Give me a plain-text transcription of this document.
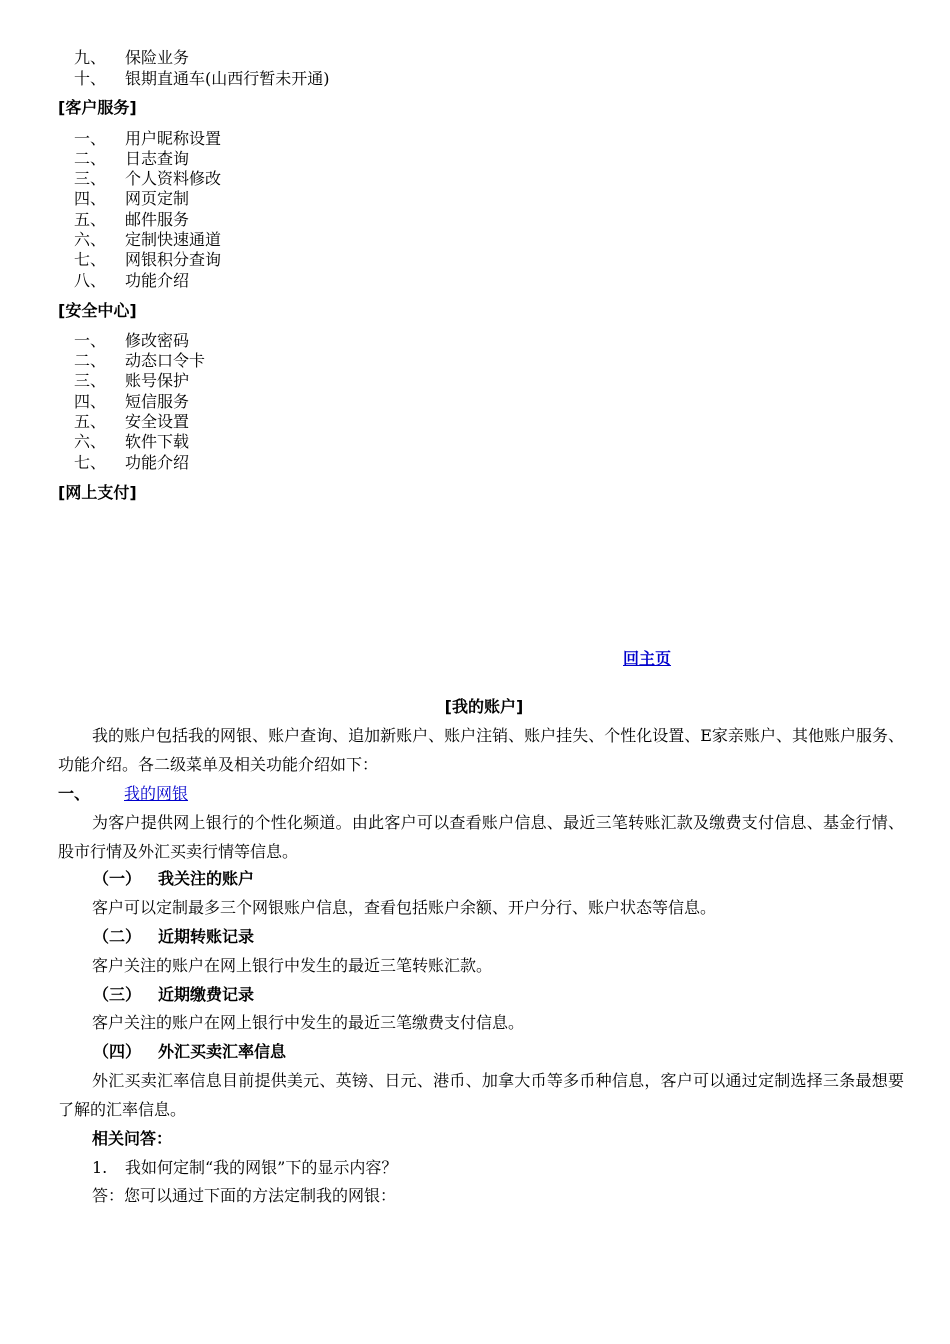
九、 保险业务
十、 银期直通车(山西行暂未开通)
[客户服务]
一、 用户昵称设置
二、 日志查询
三、 个人资料修改
四、 网页定制
五、 邮件服务
六、 定制快速通道
七、 网银积分查询
八、 功能介绍
[安全中心]
一、 修改密码
二、 动态口令卡
三、 账号保护
四、 短信服务
五、 安全设置
六、 软件下载
七、 功能介绍
[网上支付]
回主页
[我的账户]

我的账户包括我的网银、账户查询、追加新账户、账户注销、账户挂失、个性化设置、E家亲账户、其他账户服务、功能介绍。各二级菜单及相关功能介绍如下：

一、 我的网银

为客户提供网上银行的个性化频道。由此客户可以查看账户信息、最近三笔转账汇款及缴费支付信息、基金行情、股市行情及外汇买卖行情等信息。

（一） 我关注的账户
客户可以定制最多三个网银账户信息，查看包括账户余额、开户分行、账户状态等信息。
（二） 近期转账记录
客户关注的账户在网上银行中发生的最近三笔转账汇款。
（三） 近期缴费记录
客户关注的账户在网上银行中发生的最近三笔缴费支付信息。
（四） 外汇买卖汇率信息

外汇买卖汇率信息目前提供美元、英镑、日元、港币、加拿大币等多币种信息，客户可以通过定制选择三条最想要了解的汇率信息。

相关问答：
1. 我如何定制“我的网银”下的显示内容？
答：您可以通过下面的方法定制我的网银：
